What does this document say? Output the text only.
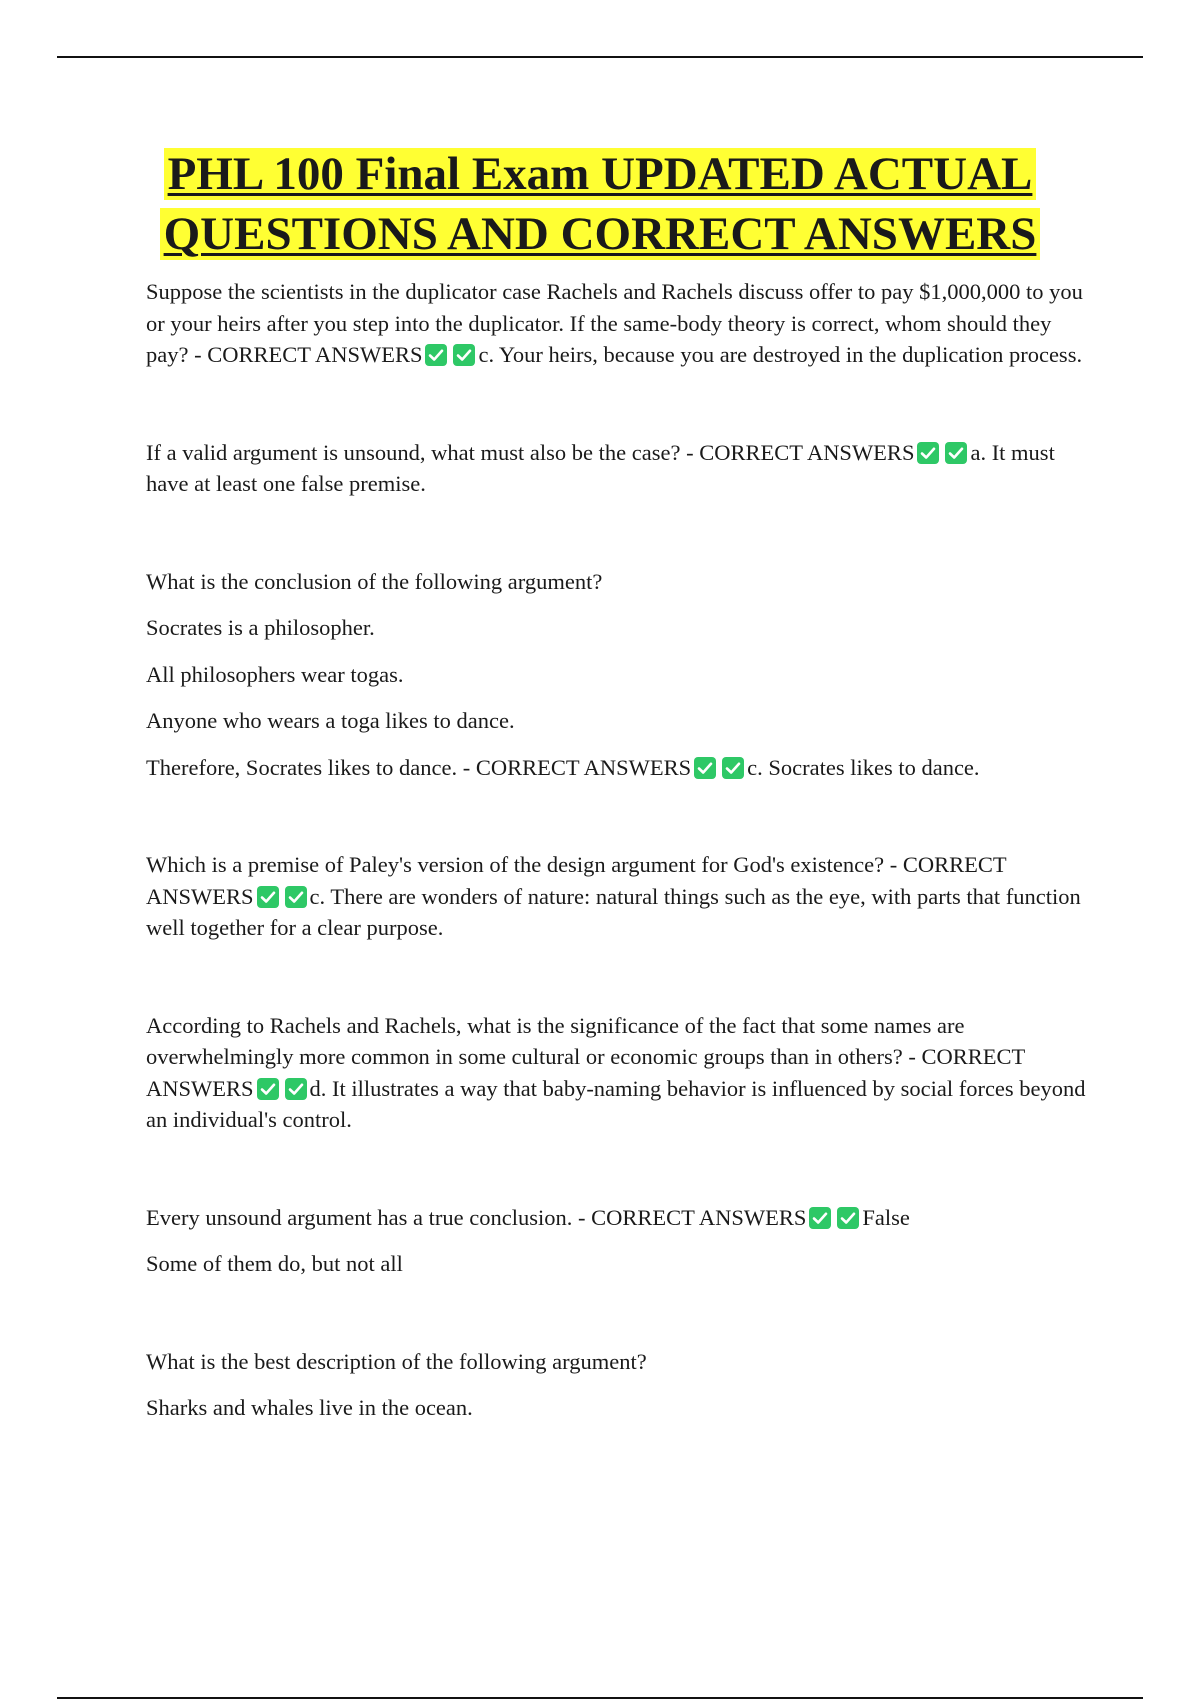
PHL 100 Final Exam UPDATED ACTUAL
QUESTIONS AND CORRECT ANSWERS

Suppose the scientists in the duplicator case Rachels and Rachels discuss offer to pay $1,000,000 to you or your heirs after you step into the duplicator. If the same-body theory is correct, whom should they pay? - CORRECT ANSWERS c. Your heirs, because you are destroyed in the duplication process.

If a valid argument is unsound, what must also be the case? - CORRECT ANSWERS a. It must have at least one false premise.

What is the conclusion of the following argument?

Socrates is a philosopher.

All philosophers wear togas.

Anyone who wears a toga likes to dance.

Therefore, Socrates likes to dance. - CORRECT ANSWERS c. Socrates likes to dance.

Which is a premise of Paley's version of the design argument for God's existence? - CORRECT ANSWERS c. There are wonders of nature: natural things such as the eye, with parts that function well together for a clear purpose.

According to Rachels and Rachels, what is the significance of the fact that some names are overwhelmingly more common in some cultural or economic groups than in others? - CORRECT ANSWERS d. It illustrates a way that baby-naming behavior is influenced by social forces beyond an individual's control.

Every unsound argument has a true conclusion. - CORRECT ANSWERS False

Some of them do, but not all

What is the best description of the following argument?

Sharks and whales live in the ocean.
